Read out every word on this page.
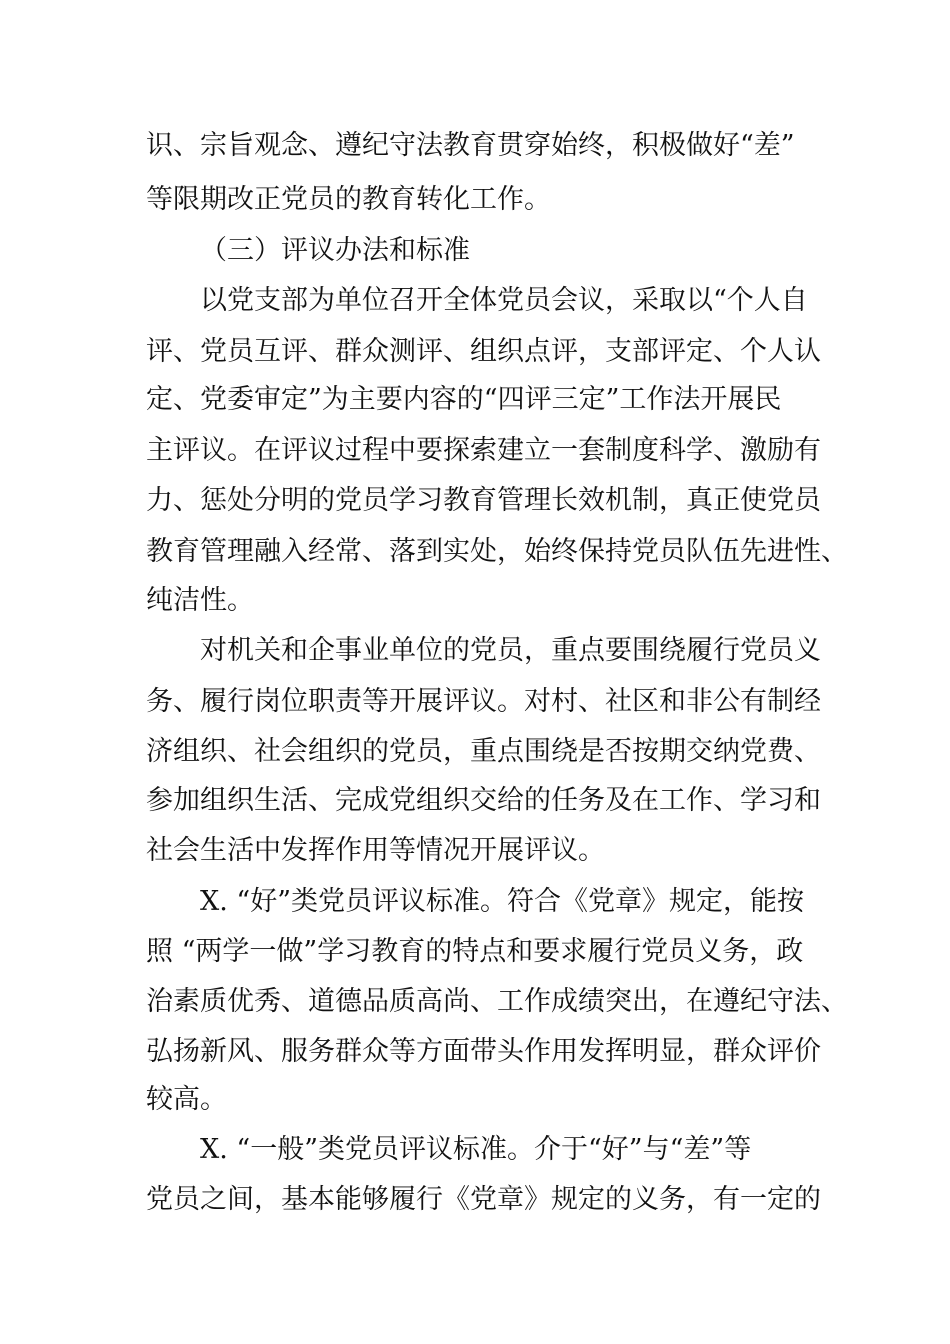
识、宗旨观念、遵纪守法教育贯穿始终，积极做好“差”
等限期改正党员的教育转化工作。
（三）评议办法和标准
以党支部为单位召开全体党员会议，采取以“个人自
评、党员互评、群众测评、组织点评，支部评定、个人认
定、党委审定”为主要内容的“四评三定”工作法开展民
主评议。在评议过程中要探索建立一套制度科学、激励有
力、惩处分明的党员学习教育管理长效机制，真正使党员
教育管理融入经常、落到实处，始终保持党员队伍先进性、
纯洁性。
对机关和企事业单位的党员，重点要围绕履行党员义
务、履行岗位职责等开展评议。对村、社区和非公有制经
济组织、社会组织的党员，重点围绕是否按期交纳党费、
参加组织生活、完成党组织交给的任务及在工作、学习和
社会生活中发挥作用等情况开展评议。
X. “好”类党员评议标准。符合《党章》规定，能按
照 “两学一做”学习教育的特点和要求履行党员义务，政
治素质优秀、道德品质高尚、工作成绩突出，在遵纪守法、
弘扬新风、服务群众等方面带头作用发挥明显，群众评价
较高。
X. “一般”类党员评议标准。介于“好”与“差”等
党员之间，基本能够履行《党章》规定的义务，有一定的
